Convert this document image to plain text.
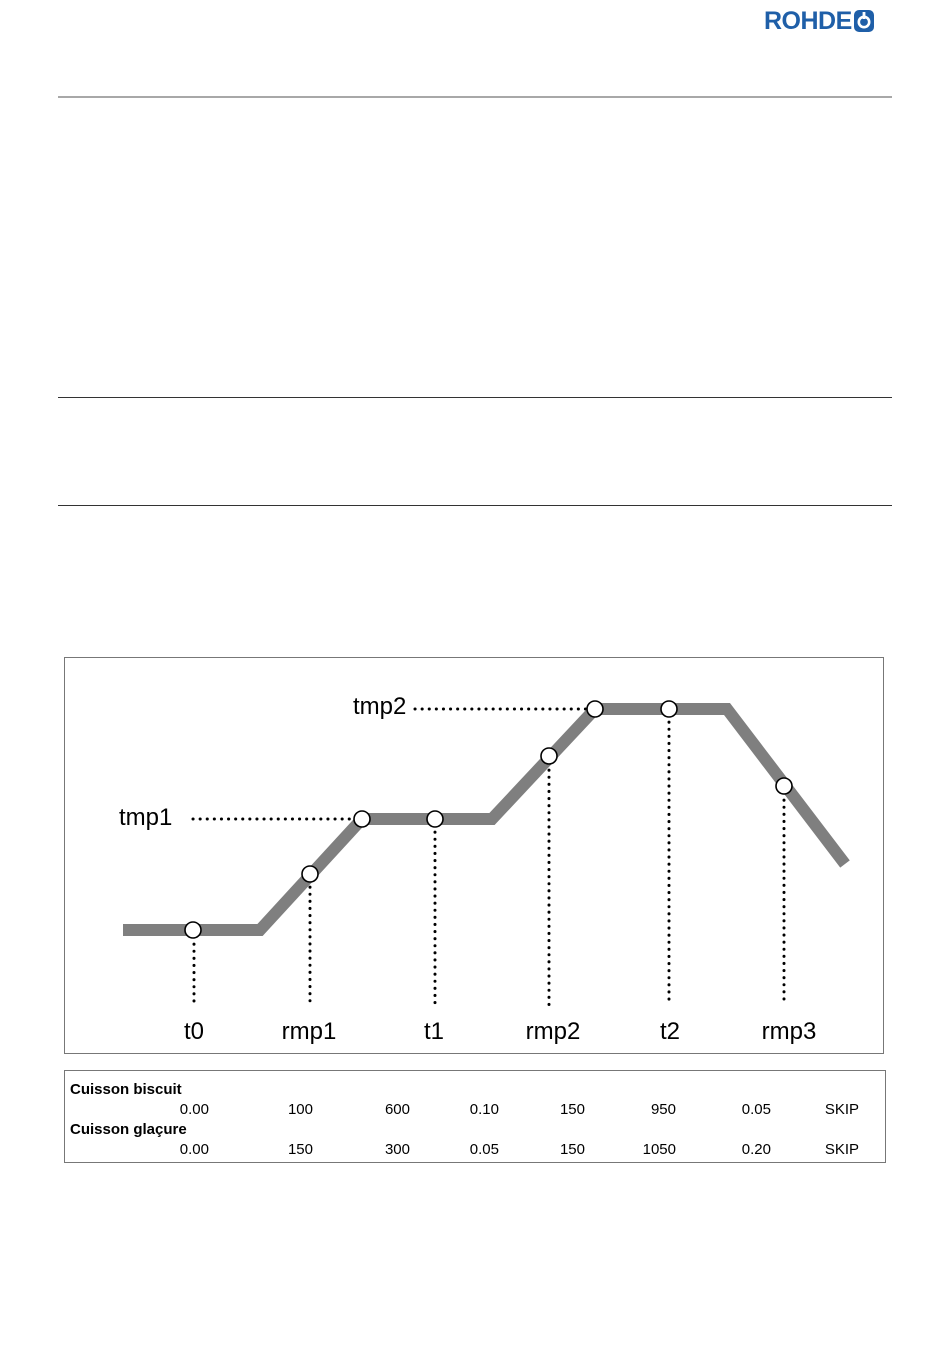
ROHDE
tmp1
tmp2
t0	rmp1	t1	rmp2	t2	rmp3
Cuisson biscuit
0.00	100	600	0.10	150	950	0.05	SKIP
Cuisson glaçure
0.00	150	300	0.05	150	1050	0.20	SKIP
